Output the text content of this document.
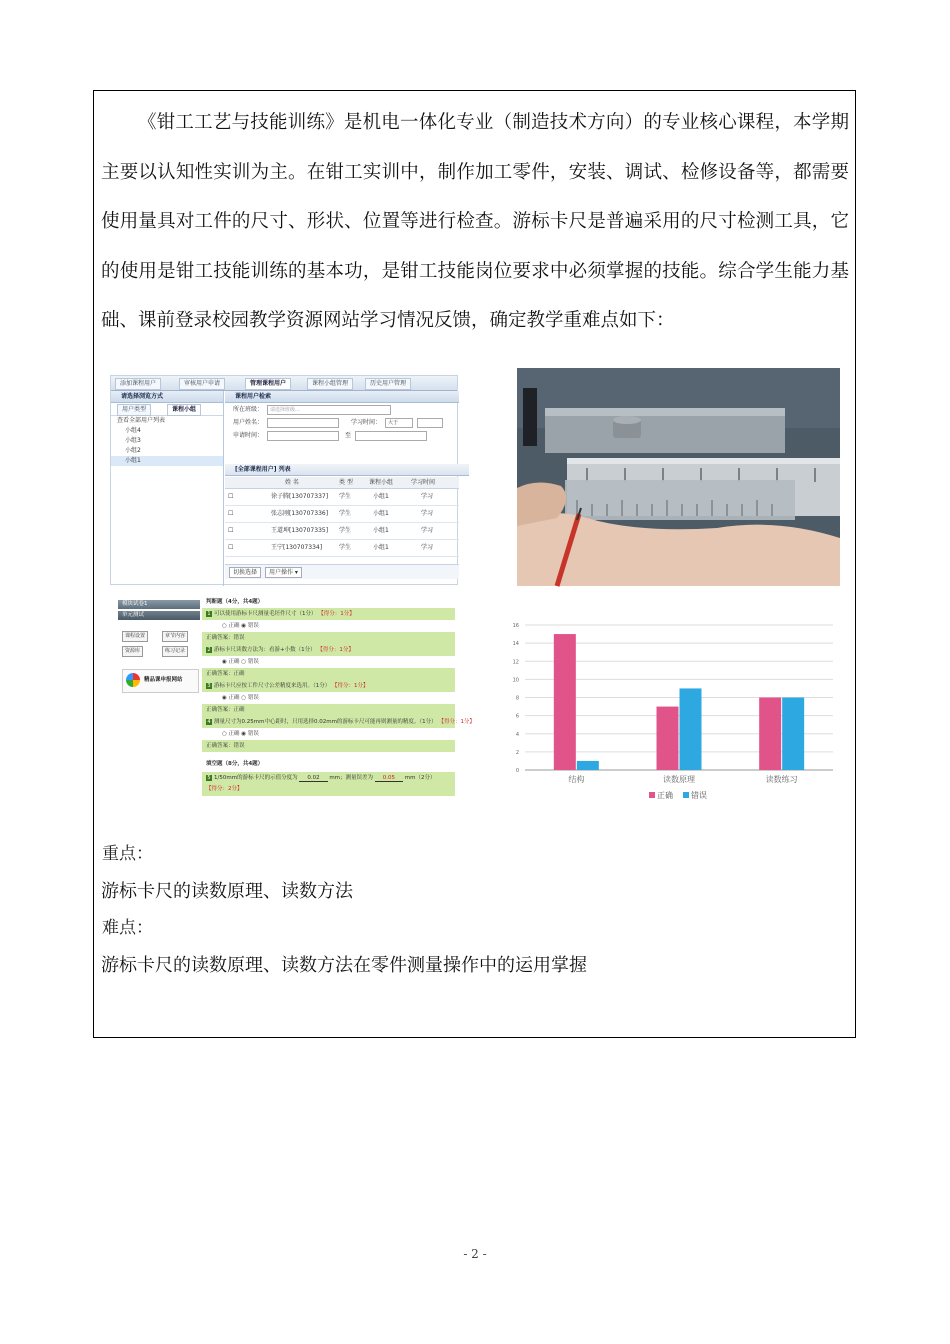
《钳工工艺与技能训练》是机电一体化专业（制造技术方向）的专业核心课程，本学期主要以认知性实训为主。在钳工实训中，制作加工零件，安装、调试、检修设备等，都需要使用量具对工件的尺寸、形状、位置等进行检查。游标卡尺是普遍采用的尺寸检测工具，它的使用是钳工技能训练的基本功，是钳工技能岗位要求中必须掌握的技能。综合学生能力基础、课前登录校园教学资源网站学习情况反馈，确定教学重难点如下：

添加课程用户	审核用户申请	管理课程用户	课程小组管理	历史用户管理
请选择浏览方式
用户类型	课程小组
查看全部用户列表
小组4
小组3
小组2
小组1
课程用户检索
所在班级： 请选择班级...
用户姓名：	学习时间： 大于
申请时间：	至
[全部课程用户] 列表
姓 名	类 型	课程小组	学习时间
☐	徐子腾[130707337] 学生	小组1	学习
☐	张志刚[130707336] 学生	小组1	学习
☐	王道坤[130707335] 学生	小组1	学习
☐	王宁[130707334]	学生	小组1	学习
切换选择	用户操作 ▾
模块试卷1
单元测试
课程设置	章节内容
资源库	练习记录
精品课申报网站
判断题（4分，共4题）
1 可以使用游标卡尺测量毛坯件尺寸（1分） 【得分：1分】
○ 正确 ◉ 错误
正确答案：错误
2 游标卡尺读数方法为：看游+小数（1分） 【得分：1分】
◉ 正确 ○ 错误
正确答案：正确
3 游标卡尺应按工件尺寸公差精度来选用。（1分） 【得分：1分】
◉ 正确 ○ 错误
正确答案：正确
4 测量尺寸为0.25mm中心距时，只用选择0.02mm的游标卡尺可能再则测量的精度。（1分） 【得分：1分】
○ 正确 ◉ 错误
正确答案：错误
填空题（8分，共4题）
5 1/50mm的游标卡尺的示值分度为 0.02 mm；测量误差为 0.05 mm（2分）
【得分：2分】
0
2
4
6
8
10
12
14
16
结构	读数原理	读数练习
正确 错误
重点：
游标卡尺的读数原理、读数方法
难点：
游标卡尺的读数原理、读数方法在零件测量操作中的运用掌握
- 2 -
